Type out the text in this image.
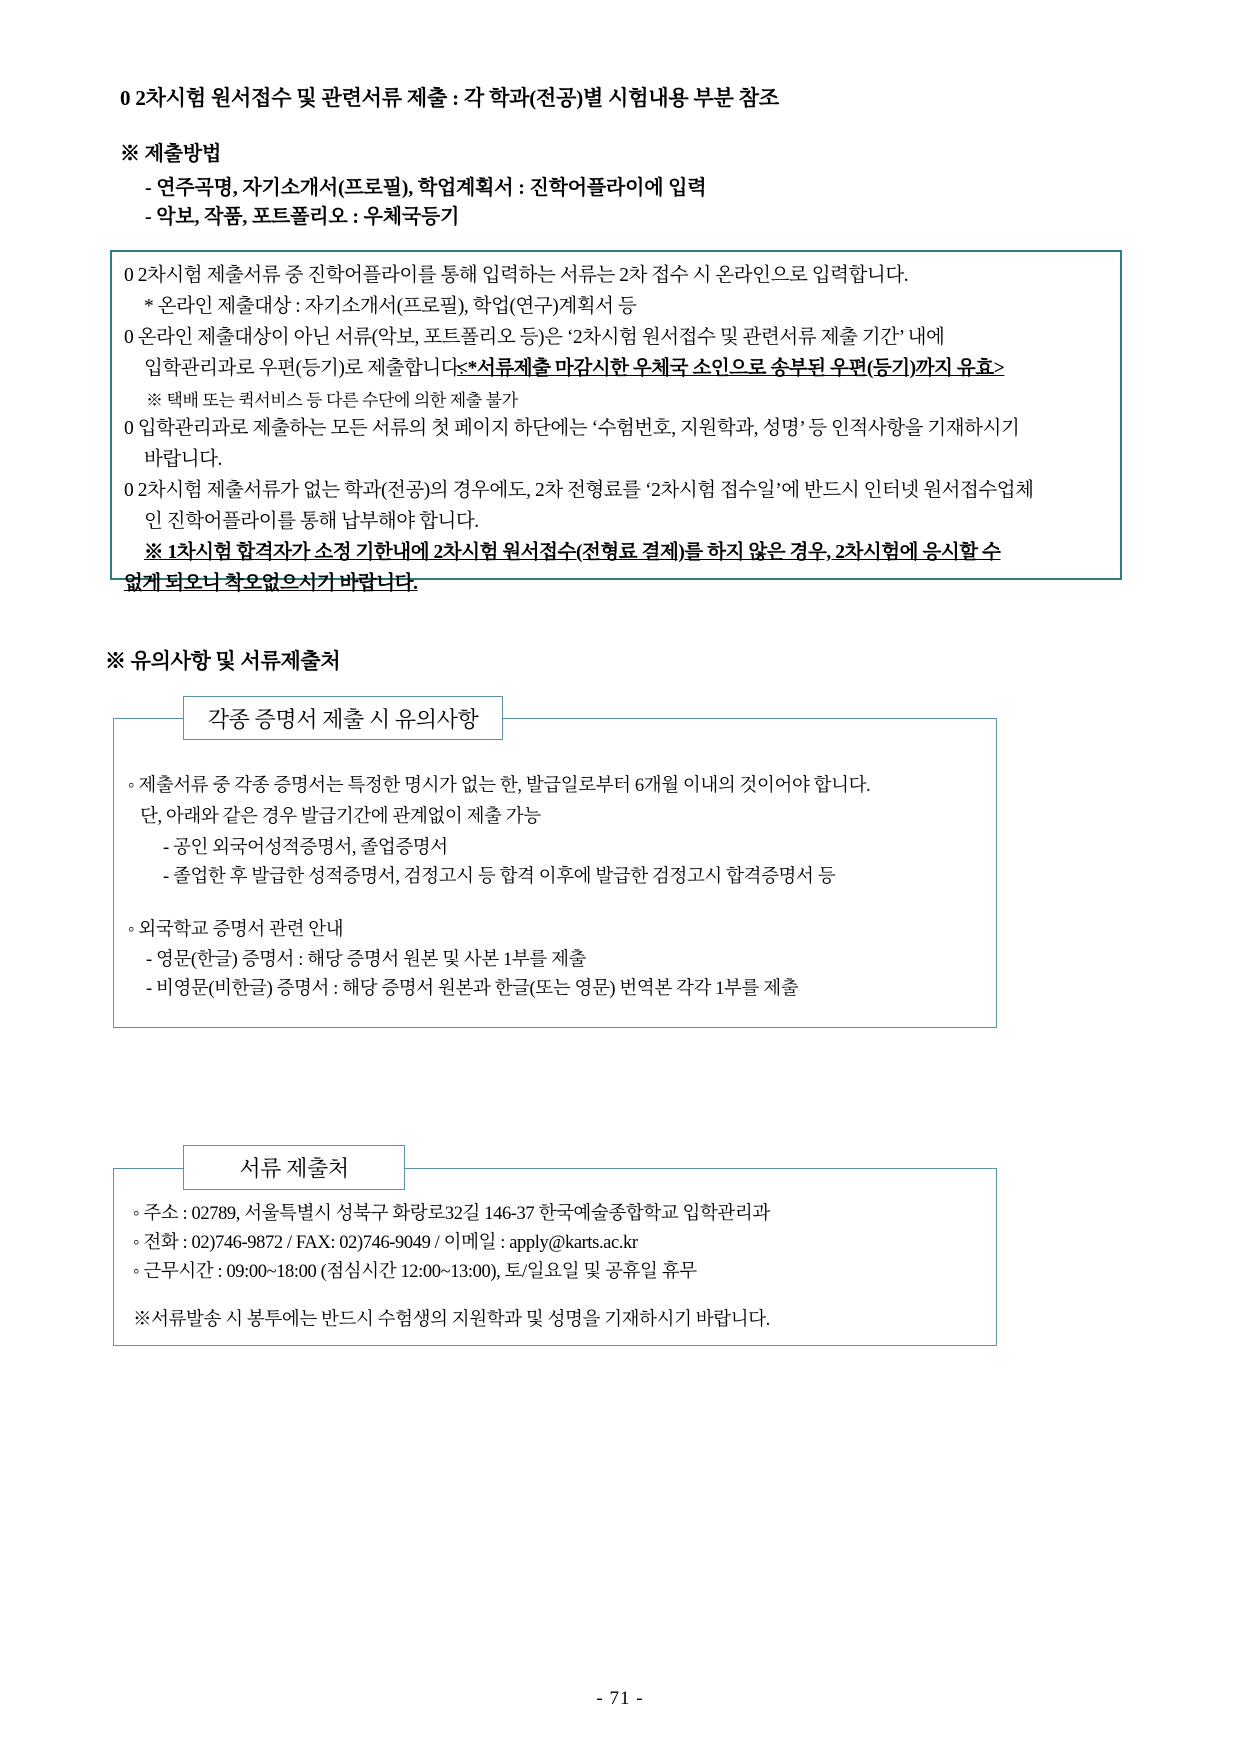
0 2차시험 원서접수 및 관련서류 제출 : 각 학과(전공)별 시험내용 부분 참조
※ 제출방법
- 연주곡명, 자기소개서(프로필), 학업계획서 : 진학어플라이에 입력
- 악보, 작품, 포트폴리오 : 우체국등기
0 2차시험 제출서류 중 진학어플라이를 통해 입력하는 서류는 2차 접수 시 온라인으로 입력합니다.
* 온라인 제출대상 : 자기소개서(프로필), 학업(연구)계획서 등
0 온라인 제출대상이 아닌 서류(악보, 포트폴리오 등)은 ‘2차시험 원서접수 및 관련서류 제출 기간’ 내에
입학관리과로 우편(등기)로 제출합니다.
<*서류제출 마감시한 우체국 소인으로 송부된 우편(등기)까지 유효>
※ 택배 또는 퀵서비스 등 다른 수단에 의한 제출 불가
0 입학관리과로 제출하는 모든 서류의 첫 페이지 하단에는 ‘수험번호, 지원학과, 성명’ 등 인적사항을 기재하시기
바랍니다.
0 2차시험 제출서류가 없는 학과(전공)의 경우에도, 2차 전형료를 ‘2차시험 접수일’에 반드시 인터넷 원서접수업체
인 진학어플라이를 통해 납부해야 합니다.
※ 1차시험 합격자가 소정 기한내에 2차시험 원서접수(전형료 결제)를 하지 않은 경우, 2차시험에 응시할 수
없게 되오니 착오없으시기 바랍니다.
※ 유의사항 및 서류제출처
각종 증명서 제출 시 유의사항
◦ 제출서류 중 각종 증명서는 특정한 명시가 없는 한, 발급일로부터 6개월 이내의 것이어야 합니다.
단, 아래와 같은 경우 발급기간에 관계없이 제출 가능
- 공인 외국어성적증명서, 졸업증명서
- 졸업한 후 발급한 성적증명서, 검정고시 등 합격 이후에 발급한 검정고시 합격증명서 등
◦ 외국학교 증명서 관련 안내
- 영문(한글) 증명서 : 해당 증명서 원본 및 사본 1부를 제출
- 비영문(비한글) 증명서 : 해당 증명서 원본과 한글(또는 영문) 번역본 각각 1부를 제출
서류 제출처
◦ 주소 : 02789, 서울특별시 성북구 화랑로32길 146-37 한국예술종합학교 입학관리과
◦ 전화 : 02)746-9872 / FAX: 02)746-9049 / 이메일 : apply@karts.ac.kr
◦ 근무시간 : 09:00~18:00 (점심시간 12:00~13:00), 토/일요일 및 공휴일 휴무
※서류발송 시 봉투에는 반드시 수험생의 지원학과 및 성명을 기재하시기 바랍니다.
- 71 -
